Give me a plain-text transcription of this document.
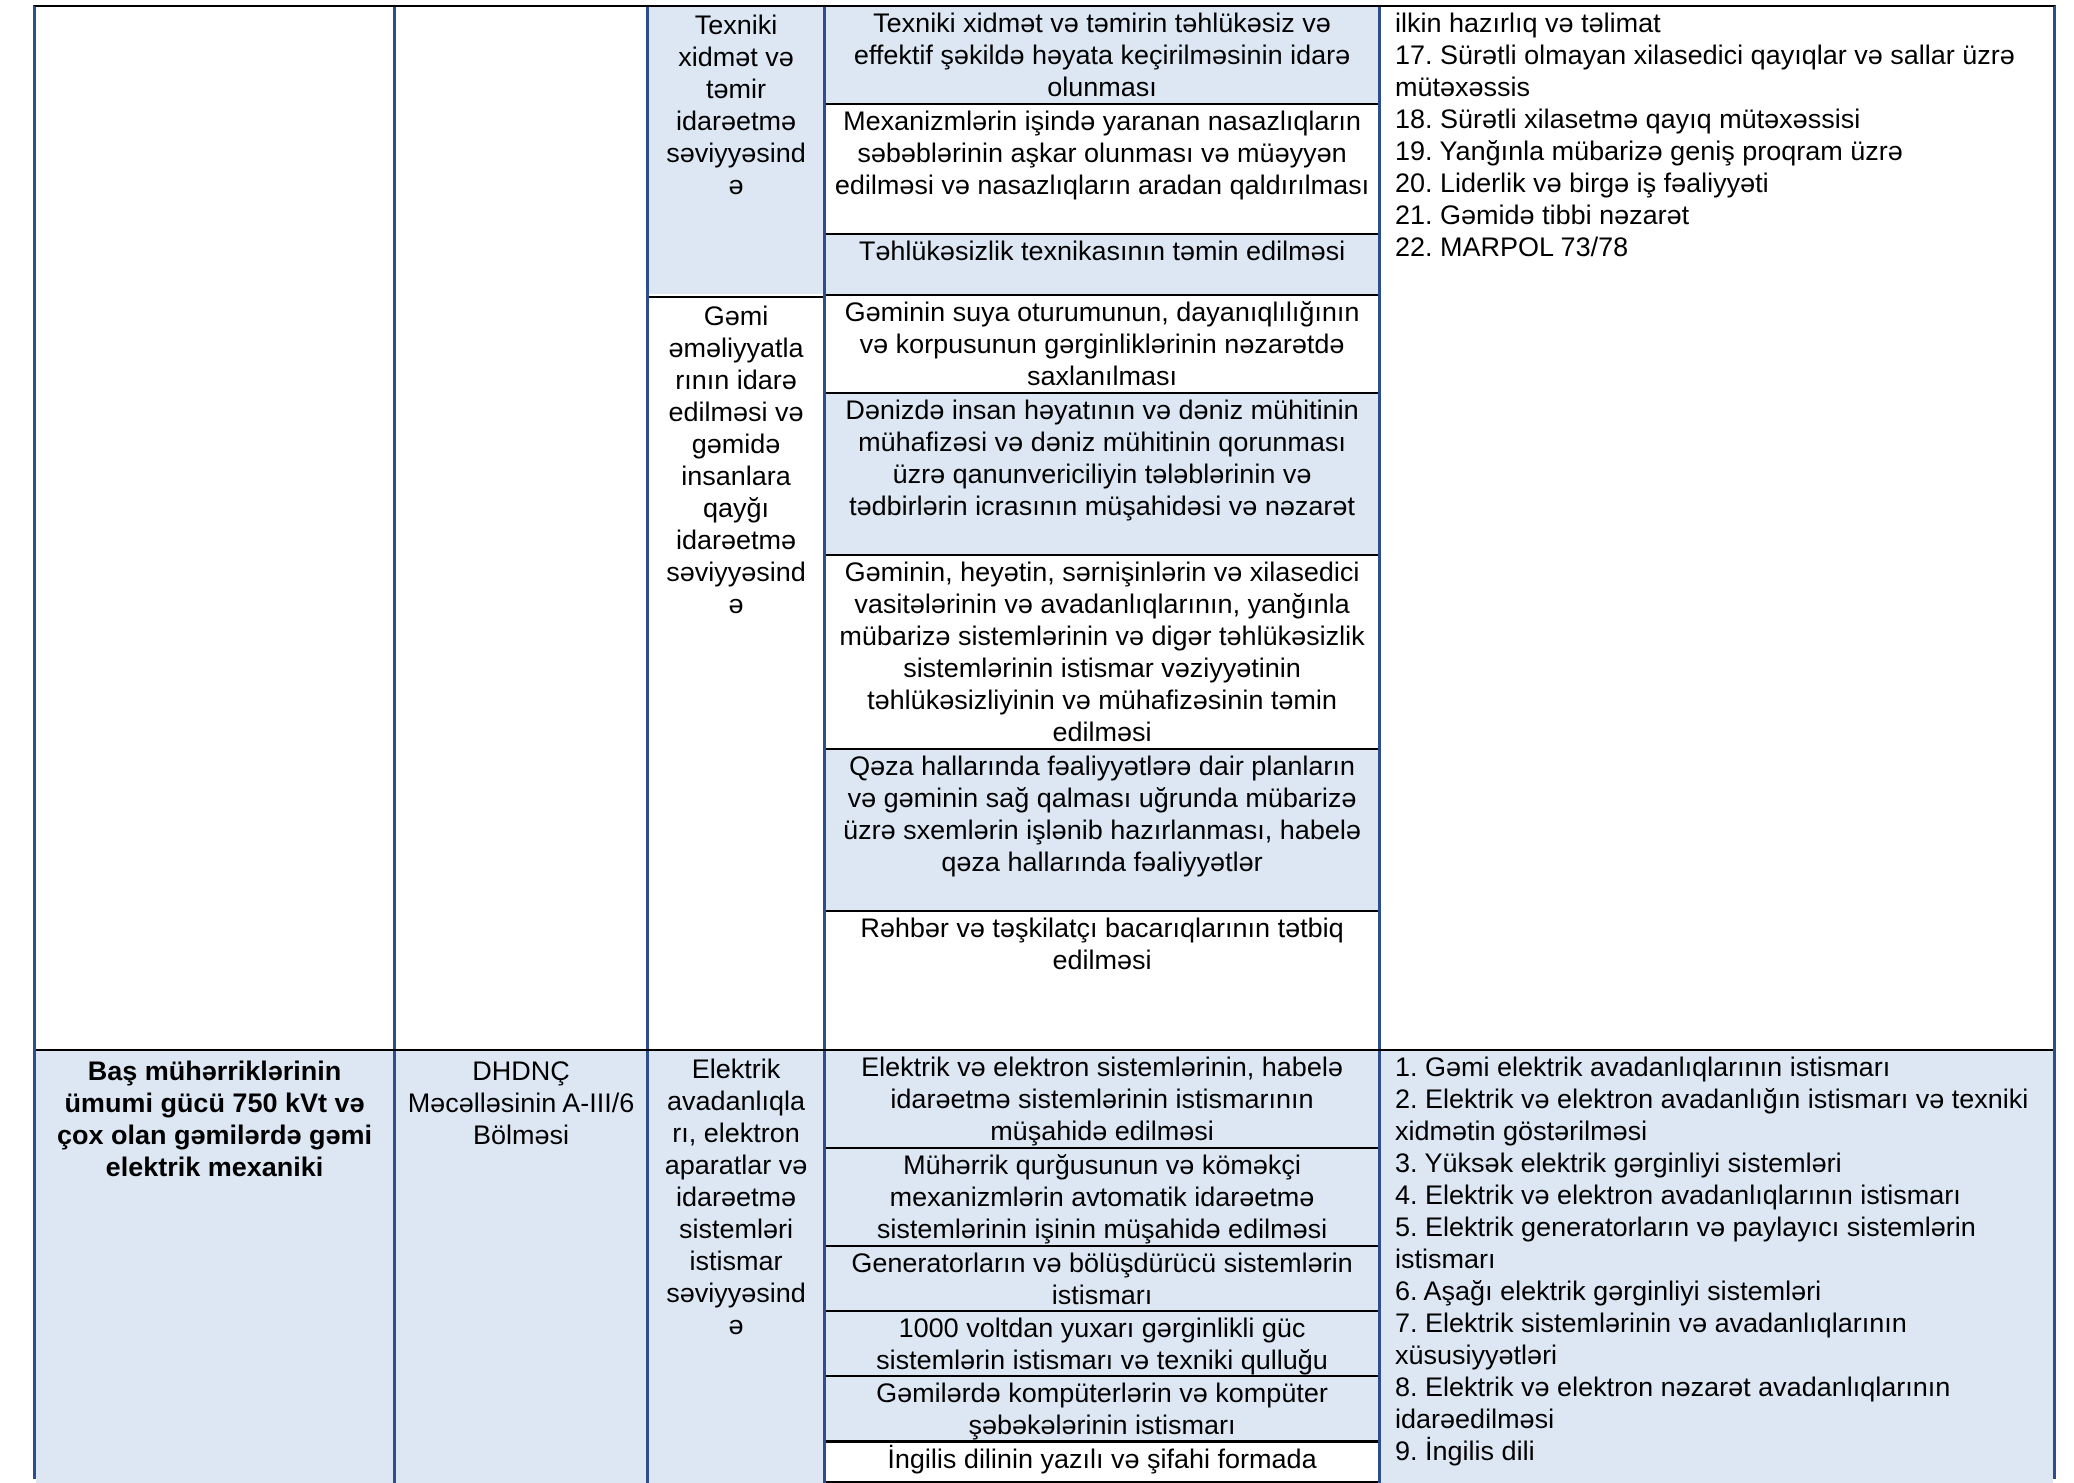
Texniki
xidmət və
təmir
idarəetmə
səviyyəsind
ə
Gəmi
əməliyyatla
rının idarə
edilməsi və
gəmidə
insanlara
qayğı
idarəetmə
səviyyəsind
ə
Texniki xidmət və təmirin təhlükəsiz və effektif şəkildə həyata keçirilməsinin idarə olunması
Mexanizmlərin işində yaranan nasazlıqların səbəblərinin aşkar olunması və müəyyən edilməsi və nasazlıqların aradan qaldırılması
Təhlükəsizlik texnikasının təmin edilməsi
Gəminin suya oturumunun, dayanıqlılığının və korpusunun gərginliklərinin nəzarətdə saxlanılması
Dənizdə insan həyatının və dəniz mühitinin mühafizəsi və dəniz mühitinin qorunması üzrə qanunvericiliyin tələblərinin və tədbirlərin icrasının müşahidəsi və nəzarət
Gəminin, heyətin, sərnişinlərin və xilasedici vasitələrinin və avadanlıqlarının, yanğınla mübarizə sistemlərinin və digər təhlükəsizlik sistemlərinin istismar vəziyyətinin təhlükəsizliyinin və mühafizəsinin təmin edilməsi
Qəza hallarında fəaliyyətlərə dair planların və gəminin sağ qalması uğrunda mübarizə üzrə sxemlərin işlənib hazırlanması, habelə qəza hallarında fəaliyyətlər
Rəhbər və təşkilatçı bacarıqlarının tətbiq edilməsi
ilkin hazırlıq və təlimat
17. Sürətli olmayan xilasedici qayıqlar və sallar üzrə mütəxəssis
18. Sürətli xilasetmə qayıq mütəxəssisi
19. Yanğınla mübarizə geniş proqram üzrə
20. Liderlik və birgə iş fəaliyyəti
21. Gəmidə tibbi nəzarət
22. MARPOL 73/78
Baş mühərriklərinin ümumi gücü 750 kVt və çox olan gəmilərdə gəmi elektrik mexaniki
DHDNÇ Məcəlləsinin A-III/6 Bölməsi
Elektrik
avadanlıqla
rı, elektron
aparatlar və
idarəetmə
sistemləri
istismar
səviyyəsind
ə
Elektrik və elektron sistemlərinin, habelə idarəetmə sistemlərinin istismarının müşahidə edilməsi
Mühərrik qurğusunun və köməkçi mexanizmlərin avtomatik idarəetmə sistemlərinin işinin müşahidə edilməsi
Generatorların və bölüşdürücü sistemlərin istismarı
1000 voltdan yuxarı gərginlikli güc sistemlərin istismarı və texniki qulluğu
Gəmilərdə kompüterlərin və kompüter şəbəkələrinin istismarı
İngilis dilinin yazılı və şifahi formada
1. Gəmi elektrik avadanlıqlarının istismarı
2. Elektrik və elektron avadanlığın istismarı və texniki xidmətin göstərilməsi
3. Yüksək elektrik gərginliyi sistemləri
4. Elektrik və elektron avadanlıqlarının istismarı
5. Elektrik generatorların və paylayıcı sistemlərin istismarı
6. Aşağı elektrik gərginliyi sistemləri
7. Elektrik sistemlərinin və avadanlıqlarının xüsusiyyətləri
8. Elektrik və elektron nəzarət avadanlıqlarının idarəedilməsi
9. İngilis dili
